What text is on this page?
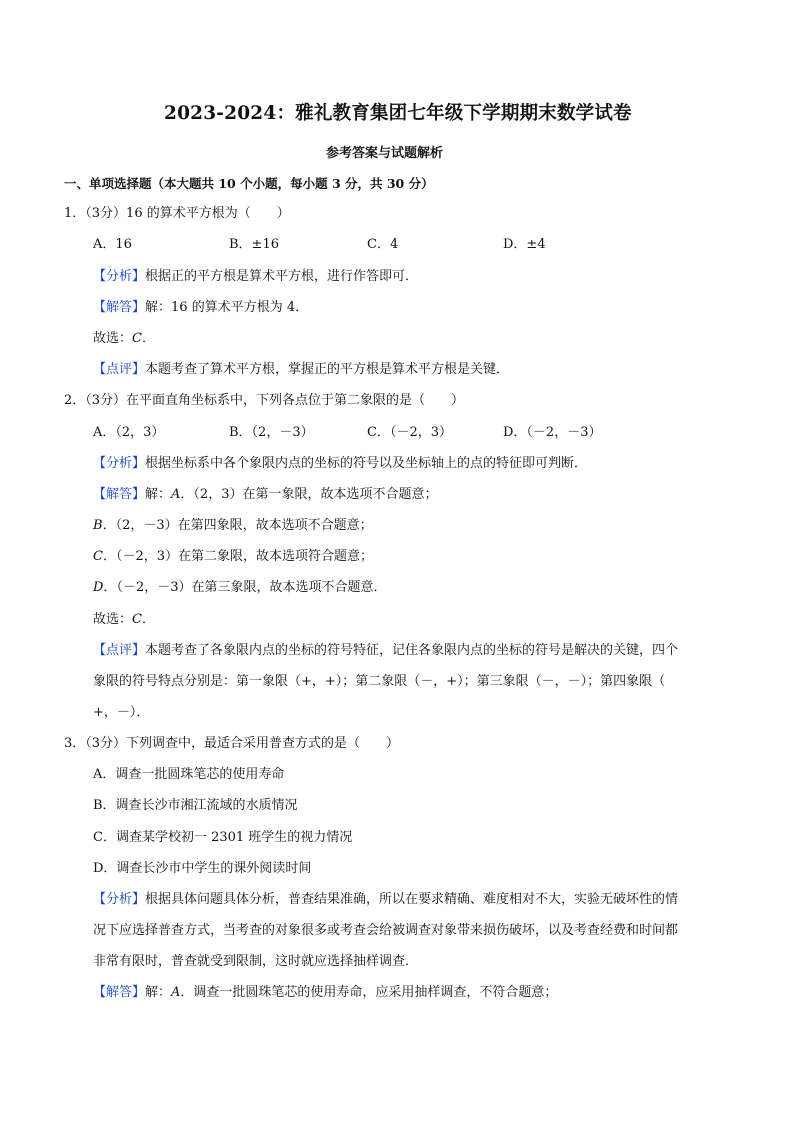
2023-2024：雅礼教育集团七年级下学期期末数学试卷
参考答案与试题解析
一、单项选择题（本大题共 10 个小题，每小题 3 分，共 30 分）
1．（3分）16 的算术平方根为（　　）
A．16	B．±16	C．4	D．±4
【分析】根据正的平方根是算术平方根，进行作答即可．
【解答】解：16 的算术平方根为 4．
故选：C．
【点评】本题考查了算术平方根，掌握正的平方根是算术平方根是关键．
2．（3分）在平面直角坐标系中，下列各点位于第二象限的是（　　）
A．（2，3）	B．（2，－3）	C．（－2，3）	D．（－2，－3）
【分析】根据坐标系中各个象限内点的坐标的符号以及坐标轴上的点的特征即可判断．
【解答】解：A．（2，3）在第一象限，故本选项不合题意；
B．（2，－3）在第四象限，故本选项不合题意；
C．（－2，3）在第二象限，故本选项符合题意；
D．（－2，－3）在第三象限，故本选项不合题意．
故选：C．
【点评】本题考查了各象限内点的坐标的符号特征，记住各象限内点的坐标的符号是解决的关键，四个
象限的符号特点分别是：第一象限（+，+）；第二象限（－，+）；第三象限（－，－）；第四象限（
+，－）．
3．（3分）下列调查中，最适合采用普查方式的是（　　）
A．调查一批圆珠笔芯的使用寿命
B．调查长沙市湘江流域的水质情况
C．调查某学校初一 2301 班学生的视力情况
D．调查长沙市中学生的课外阅读时间
【分析】根据具体问题具体分析，普查结果准确，所以在要求精确、难度相对不大，实验无破坏性的情
况下应选择普查方式，当考查的对象很多或考查会给被调查对象带来损伤破坏，以及考查经费和时间都
非常有限时，普查就受到限制，这时就应选择抽样调查．
【解答】解：A．调查一批圆珠笔芯的使用寿命，应采用抽样调查，不符合题意；
